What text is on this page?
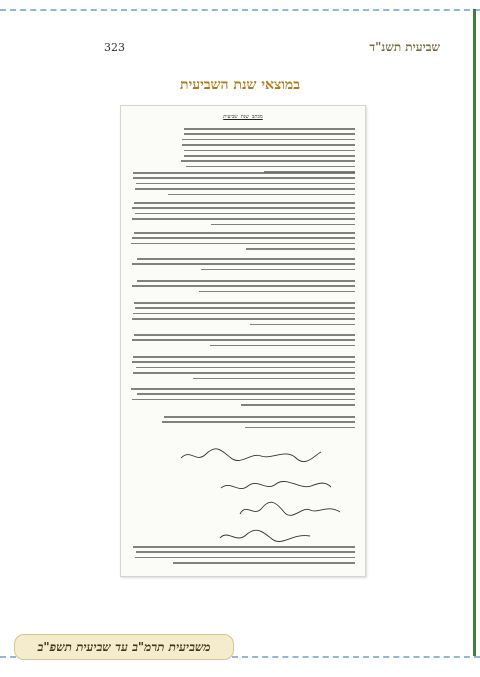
שביעית תשנ"ד
323
במוצאי שנת השביעית
מכתב שנת שביעית
משביעית תרמ"ב עד שביעית תשפ"ב
